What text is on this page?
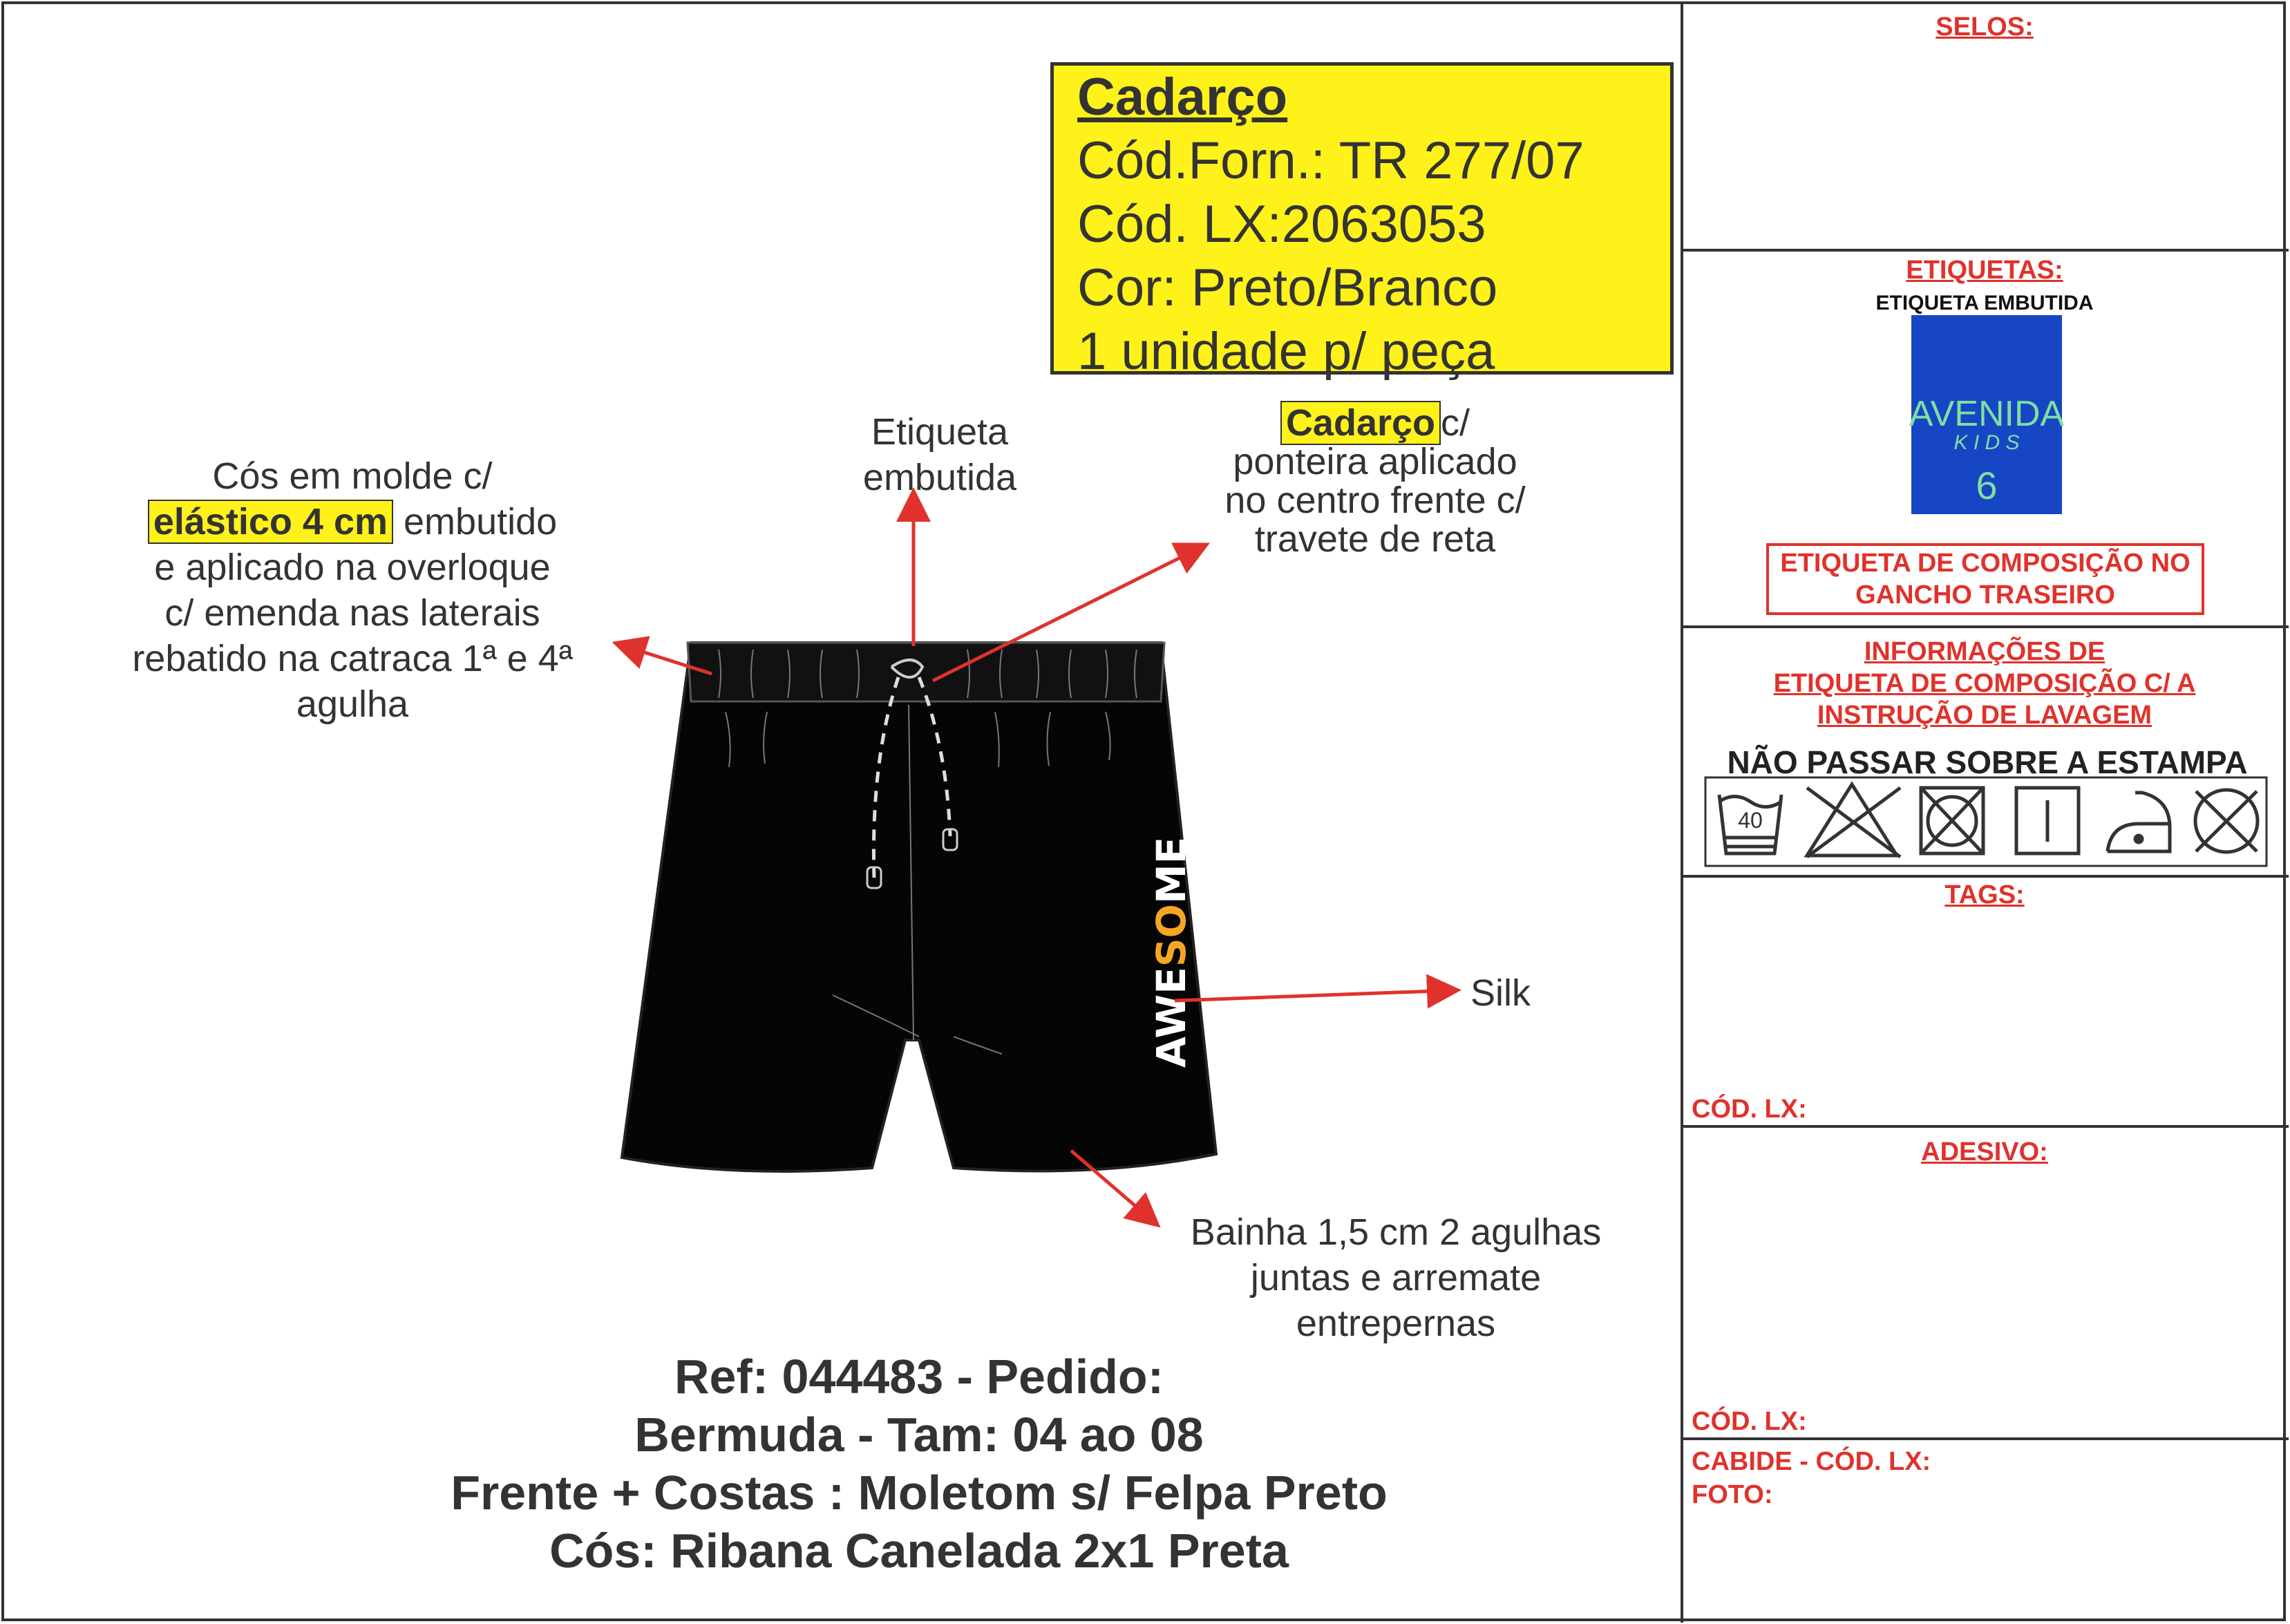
AWESOME
AVENIDA
K I D S
6
40
Cadarço
Cód.Forn.: TR 277/07
Cód. LX:2063053
Cor: Preto/Branco
1 unidade p/ peça
Cós em molde c/
elástico 4 cm embutido
e aplicado na overloque
c/ emenda nas laterais
rebatido na catraca 1ª e 4ª
agulha
Etiqueta
embutida
Cadarço c/
ponteira aplicado
no centro frente c/
travete de reta
Silk
Bainha 1,5 cm 2 agulhas
juntas e arremate
entrepernas
Ref: 044483 - Pedido:
Bermuda - Tam: 04 ao 08
Frente + Costas : Moletom s/ Felpa Preto
Cós: Ribana Canelada 2x1 Preta
SELOS:
ETIQUETAS:
ETIQUETA EMBUTIDA
ETIQUETA DE COMPOSIÇÃO NO
GANCHO TRASEIRO
INFORMAÇÕES DE
ETIQUETA DE COMPOSIÇÃO C/ A
INSTRUÇÃO DE LAVAGEM
NÃO PASSAR SOBRE A ESTAMPA
TAGS:
CÓD. LX:
ADESIVO:
CÓD. LX:
CABIDE - CÓD. LX:
FOTO:
